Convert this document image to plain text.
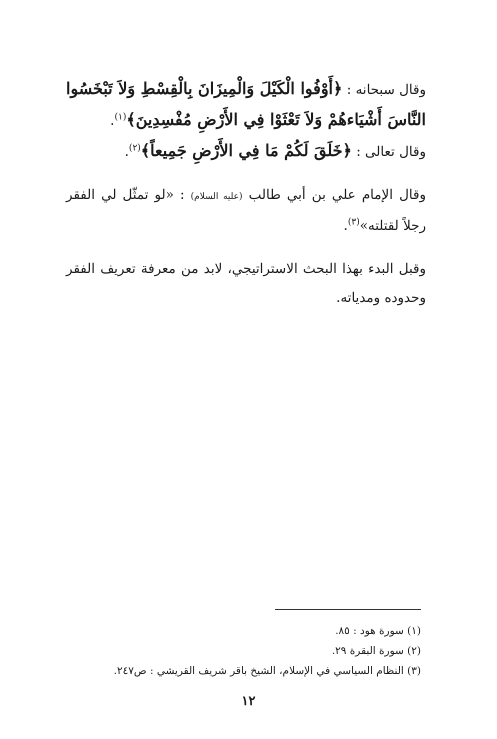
وقال سبحانه : ﴿أَوْفُوا الْكَيْلَ وَالْمِيزَانَ بِالْقِسْطِ وَلاَ تَبْخَسُوا النَّاسَ أَشْيَاءهُمْ وَلاَ تَعْثَوْا فِي الأَرْضِ مُفْسِدِينَ﴾$^{(١)}$.

وقال تعالى : ﴿خَلَقَ لَكُمْ مَا فِي الأَرْضِ جَمِيعاً﴾$^{(٢)}$.

وقال الإمام علي بن أبي طالب (عليه السلام) : «لو تمثّل لي الفقر رجلاً لقتلته»$^{(٣)}$.

وقبل البدء بهذا البحث الاستراتيجي، لابد من معرفة تعريف الفقر وحدوده ومدياته.

(١) سورة هود : ٨٥.

(٢) سورة البقرة ٢٩.

(٣) النظام السياسي في الإسلام، الشيخ باقر شريف القريشي : ص٢٤٧.

١٢
